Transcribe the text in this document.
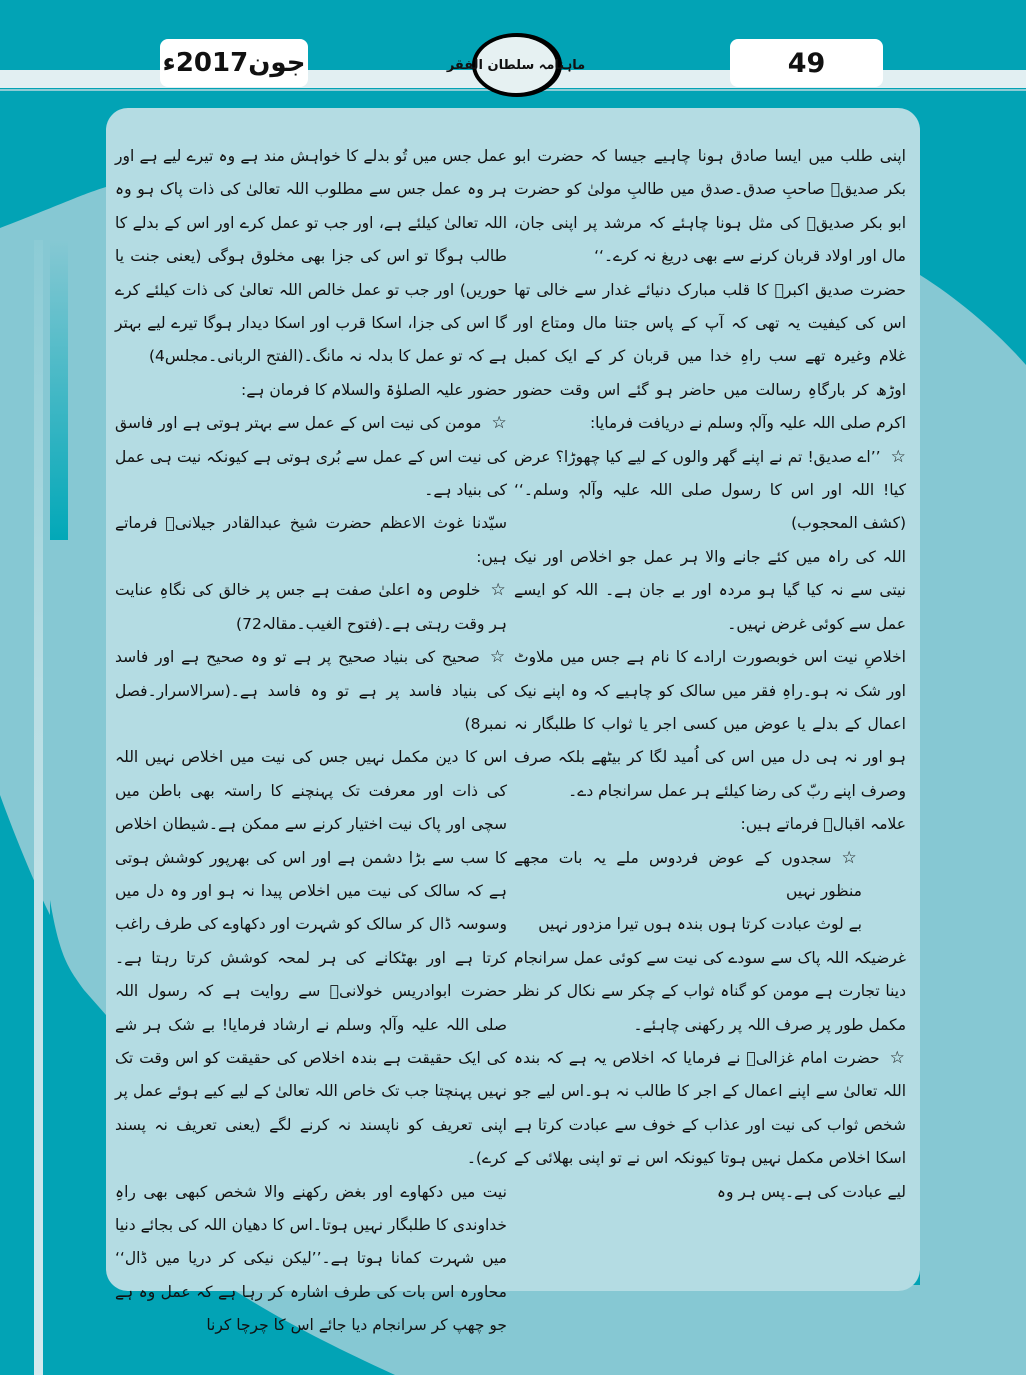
جون2017ء	49
ماہنامہ سلطان الفقر

اپنی طلب میں ایسا صادق ہونا چاہیے جیسا کہ حضرت ابو بکر صدیقؓ صاحبِ صدق۔صدق میں طالبِ مولیٰ کو حضرت ابو بکر صدیقؓ کی مثل ہونا چاہئے کہ مرشد پر اپنی جان، مال اور اولاد قربان کرنے سے بھی دریغ نہ کرے۔‘‘

حضرت صدیق اکبرؓ کا قلب مبارک دنیائے غدار سے خالی تھا اس کی کیفیت یہ تھی کہ آپ کے پاس جتنا مال ومتاع اور غلام وغیرہ تھے سب راہِ خدا میں قربان کر کے ایک کمبل اوڑھ کر بارگاہِ رسالت میں حاضر ہو گئے اس وقت حضور اکرم صلی اللہ علیہ وآلہٖ وسلم نے دریافت فرمایا:

☆’’اے صدیق! تم نے اپنے گھر والوں کے لیے کیا چھوڑا؟ عرض کیا! اللہ اور اس کا رسول صلی اللہ علیہ وآلہٖ وسلم۔‘‘ (کشف المحجوب)

اللہ کی راہ میں کئے جانے والا ہر عمل جو اخلاص اور نیک نیتی سے نہ کیا گیا ہو مردہ اور بے جان ہے۔ اللہ کو ایسے عمل سے کوئی غرض نہیں۔

اخلاصِ نیت اس خوبصورت ارادے کا نام ہے جس میں ملاوٹ اور شک نہ ہو۔راہِ فقر میں سالک کو چاہیے کہ وہ اپنے نیک اعمال کے بدلے یا عوض میں کسی اجر یا ثواب کا طلبگار نہ ہو اور نہ ہی دل میں اس کی اُمید لگا کر بیٹھے بلکہ صرف وصرف اپنے ربّ کی رضا کیلئے ہر عمل سرانجام دے۔

علامہ اقبالؒ فرماتے ہیں:

☆سجدوں کے عوض فردوس ملے یہ بات مجھے منظور نہیں

بے لوث عبادت کرتا ہوں بندہ ہوں تیرا مزدور نہیں

غرضیکہ اللہ پاک سے سودے کی نیت سے کوئی عمل سرانجام دینا تجارت ہے مومن کو گناہ ثواب کے چکر سے نکال کر نظر مکمل طور پر صرف اللہ پر رکھنی چاہئے۔

☆حضرت امام غزالیؒ نے فرمایا کہ اخلاص یہ ہے کہ بندہ اللہ تعالیٰ سے اپنے اعمال کے اجر کا طالب نہ ہو۔اس لیے جو شخص ثواب کی نیت اور عذاب کے خوف سے عبادت کرتا ہے اسکا اخلاص مکمل نہیں ہوتا کیونکہ اس نے تو اپنی بھلائی کے لیے عبادت کی ہے۔پس ہر وہ

عمل جس میں تُو بدلے کا خواہش مند ہے وہ تیرے لیے ہے اور ہر وہ عمل جس سے مطلوب اللہ تعالیٰ کی ذات پاک ہو وہ اللہ تعالیٰ کیلئے ہے، اور جب تو عمل کرے اور اس کے بدلے کا طالب ہوگا تو اس کی جزا بھی مخلوق ہوگی (یعنی جنت یا حوریں) اور جب تو عمل خالص اللہ تعالیٰ کی ذات کیلئے کرے گا اس کی جزا، اسکا قرب اور اسکا دیدار ہوگا تیرے لیے بہتر ہے کہ تو عمل کا بدلہ نہ مانگ۔(الفتح الربانی۔مجلس4)

حضور علیہ الصلوٰۃ والسلام کا فرمان ہے:

☆مومن کی نیت اس کے عمل سے بہتر ہوتی ہے اور فاسق کی نیت اس کے عمل سے بُری ہوتی ہے کیونکہ نیت ہی عمل کی بنیاد ہے۔

سیّدنا غوث الاعظم حضرت شیخ عبدالقادر جیلانیؓ فرماتے ہیں:

☆خلوص وہ اعلیٰ صفت ہے جس پر خالق کی نگاہِ عنایت ہر وقت رہتی ہے۔(فتوح الغیب۔مقالہ72)

☆صحیح کی بنیاد صحیح پر ہے تو وہ صحیح ہے اور فاسد کی بنیاد فاسد پر ہے تو وہ فاسد ہے۔(سرالاسرار۔فصل نمبر8)

اس کا دین مکمل نہیں جس کی نیت میں اخلاص نہیں اللہ کی ذات اور معرفت تک پہنچنے کا راستہ بھی باطن میں سچی اور پاک نیت اختیار کرنے سے ممکن ہے۔شیطان اخلاص کا سب سے بڑا دشمن ہے اور اس کی بھرپور کوشش ہوتی ہے کہ سالک کی نیت میں اخلاص پیدا نہ ہو اور وہ دل میں وسوسہ ڈال کر سالک کو شہرت اور دکھاوے کی طرف راغب کرتا ہے اور بھٹکانے کی ہر لمحہ کوشش کرتا رہتا ہے۔حضرت ابوادریس خولانیؒ سے روایت ہے کہ رسول اللہ صلی اللہ علیہ وآلہٖ وسلم نے ارشاد فرمایا! بے شک ہر شے کی ایک حقیقت ہے بندہ اخلاص کی حقیقت کو اس وقت تک نہیں پہنچتا جب تک خاص اللہ تعالیٰ کے لیے کیے ہوئے عمل پر اپنی تعریف کو ناپسند نہ کرنے لگے (یعنی تعریف نہ پسند کرے)۔

نیت میں دکھاوے اور بغض رکھنے والا شخص کبھی بھی راہِ خداوندی کا طلبگار نہیں ہوتا۔اس کا دھیان اللہ کی بجائے دنیا میں شہرت کمانا ہوتا ہے۔’’لیکن نیکی کر دریا میں ڈال‘‘ محاورہ اس بات کی طرف اشارہ کر رہا ہے کہ عمل وہ ہے جو چھپ کر سرانجام دیا جائے اس کا چرچا کرنا
